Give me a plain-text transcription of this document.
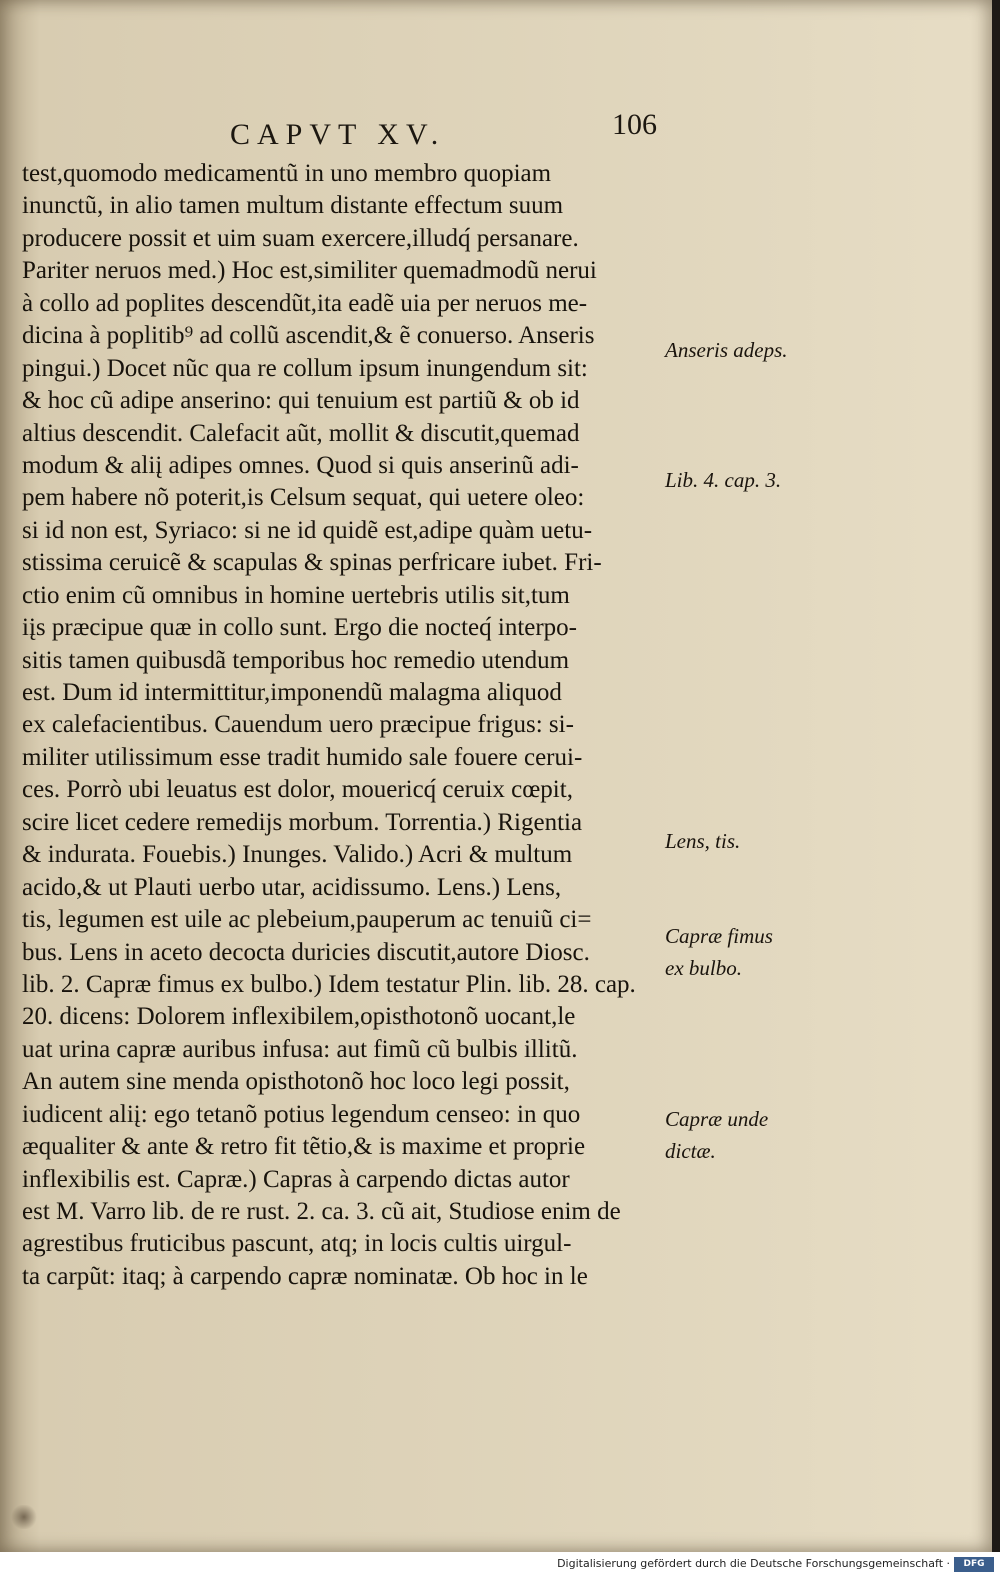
CAPVT XV.	106
test,quomodo medicamentũ in uno membro quopiam
inunctũ, in alio tamen multum distante effectum suum
producere possit et uim suam exercere,illudq́ persanare.
Pariter neruos med.) Hoc est,similiter quemadmodũ nerui
à collo ad poplites descendũt,ita eadẽ uia per neruos me-
dicina à poplitib⁹ ad collũ ascendit,& ẽ conuerso. Anseris
pingui.) Docet nũc qua re collum ipsum inungendum sit:
& hoc cũ adipe anserino: qui tenuium est partiũ & ob id
altius descendit. Calefacit aũt, mollit & discutit,quemad
modum & aliį adipes omnes. Quod si quis anserinũ adi-
pem habere nõ poterit,is Celsum sequat, qui uetere oleo:
si id non est, Syriaco: si ne id quidẽ est,adipe quàm uetu-
stissima ceruicẽ & scapulas & spinas perfricare iubet. Fri-
ctio enim cũ omnibus in homine uertebris utilis sit,tum
iįs præcipue quæ in collo sunt. Ergo die nocteq́ interpo-
sitis tamen quibusdã temporibus hoc remedio utendum
est. Dum id intermittitur,imponendũ malagma aliquod
ex calefacientibus. Cauendum uero præcipue frigus: si-
militer utilissimum esse tradit humido sale fouere cerui-
ces. Porrò ubi leuatus est dolor, mouericq́ ceruix cœpit,
scire licet cedere remedijs morbum. Torrentia.) Rigentia
& indurata. Fouebis.) Inunges. Valido.) Acri & multum
acido,& ut Plauti uerbo utar, acidissumo. Lens.) Lens,
tis, legumen est uile ac plebeium,pauperum ac tenuiũ ci=
bus. Lens in aceto decocta duricies discutit,autore Diosc.
lib. 2. Capræ fimus ex bulbo.) Idem testatur Plin. lib. 28. cap.
20. dicens: Dolorem inflexibilem,opisthotonõ uocant,le
uat urina capræ auribus infusa: aut fimũ cũ bulbis illitũ.
An autem sine menda opisthotonõ hoc loco legi possit,
iudicent aliį: ego tetanõ potius legendum censeo: in quo
æqualiter & ante & retro fit tẽtio,& is maxime et proprie
inflexibilis est. Capræ.) Capras à carpendo dictas autor
est M. Varro lib. de re rust. 2. ca. 3. cũ ait, Studiose enim de
agrestibus fruticibus pascunt, atq; in locis cultis uirgul-
ta carpũt: itaq; à carpendo capræ nominatæ. Ob hoc in le
Anseris adeps.
Lib. 4. cap. 3.
Lens, tis.
Capræ fimus
ex bulbo.
Capræ unde
dictæ.
Digitalisierung gefördert durch die Deutsche Forschungsgemeinschaft ·	DFG
